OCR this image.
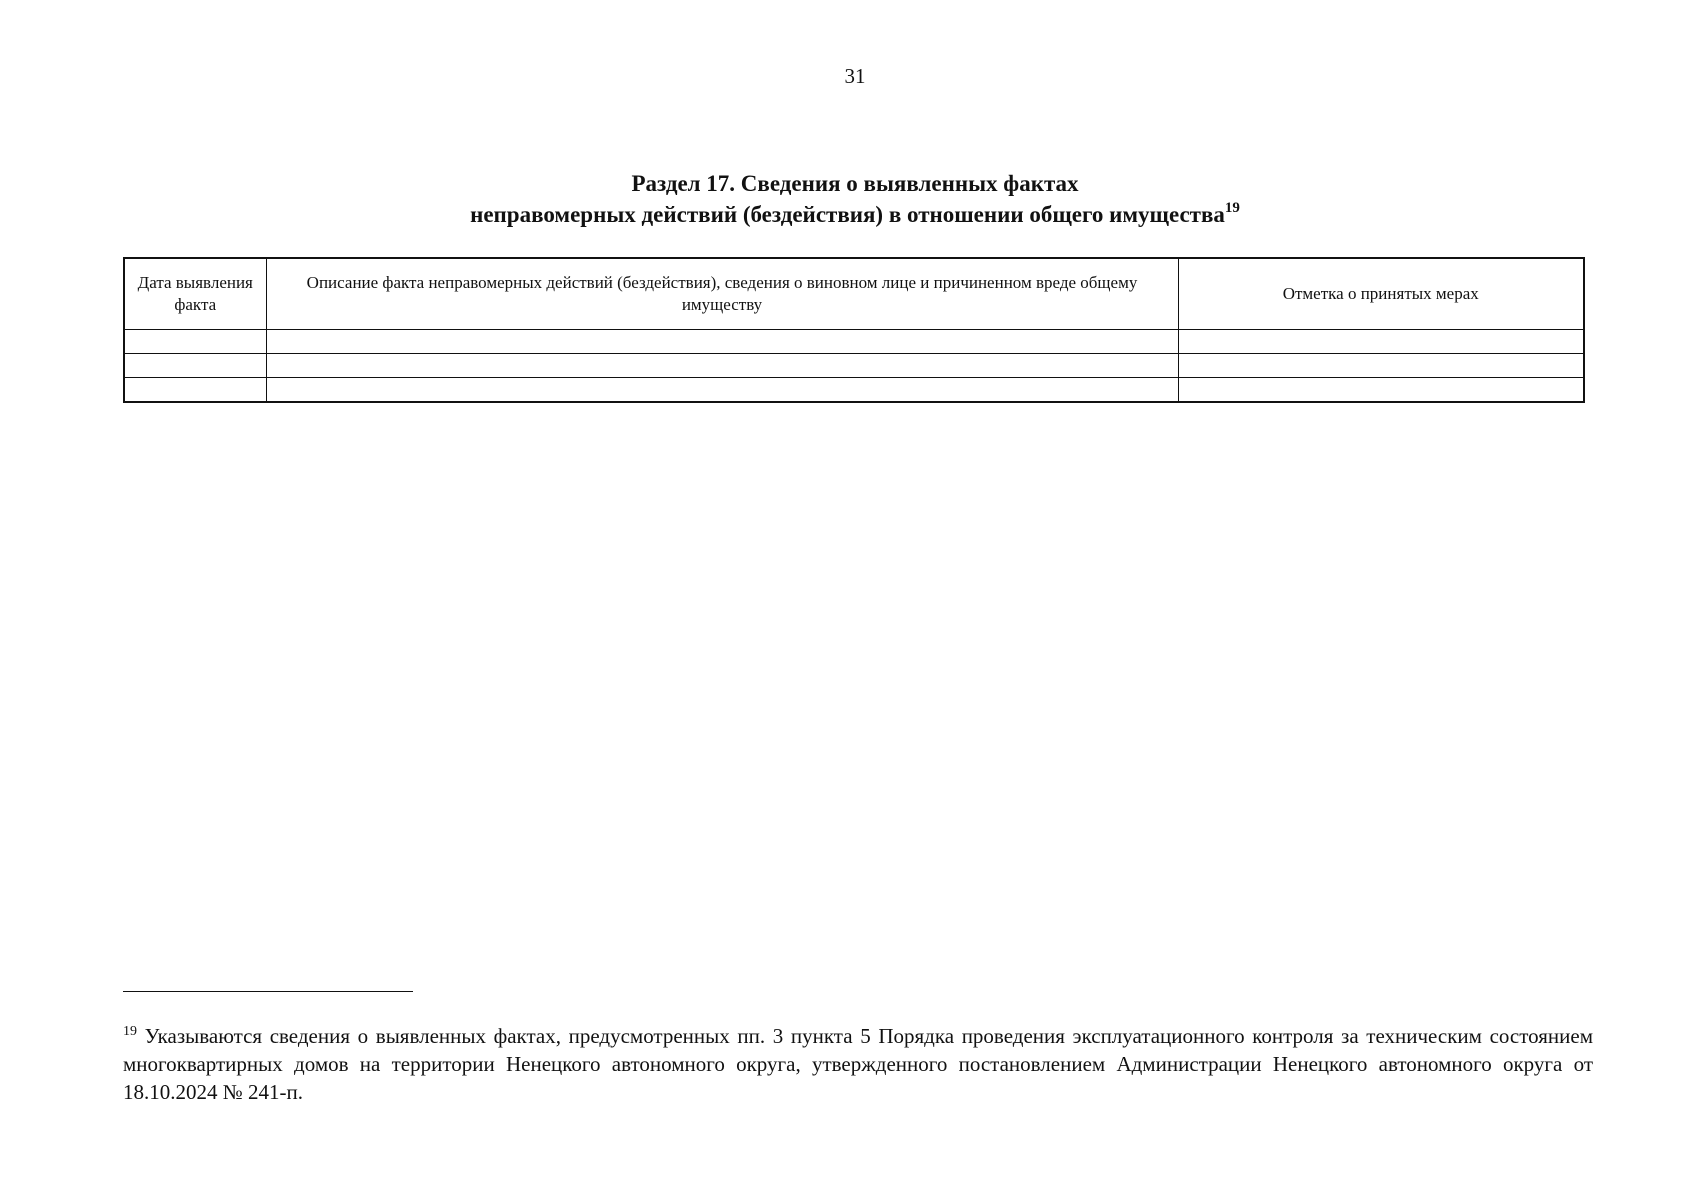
31
Раздел 17. Сведения о выявленных фактах
неправомерных действий (бездействия) в отношении общего имущества$^{19}$
Дата выявления факта	Описание факта неправомерных действий (бездействия), сведения о виновном лице и причиненном вреде общему имуществу	Отметка о принятых мерах

$^{19}$ Указываются сведения о выявленных фактах, предусмотренных пп. 3 пункта 5 Порядка проведения эксплуатационного контроля за техническим состоянием многоквартирных домов на территории Ненецкого автономного округа, утвержденного постановлением Администрации Ненецкого автономного округа от 18.10.2024 № 241-п.
